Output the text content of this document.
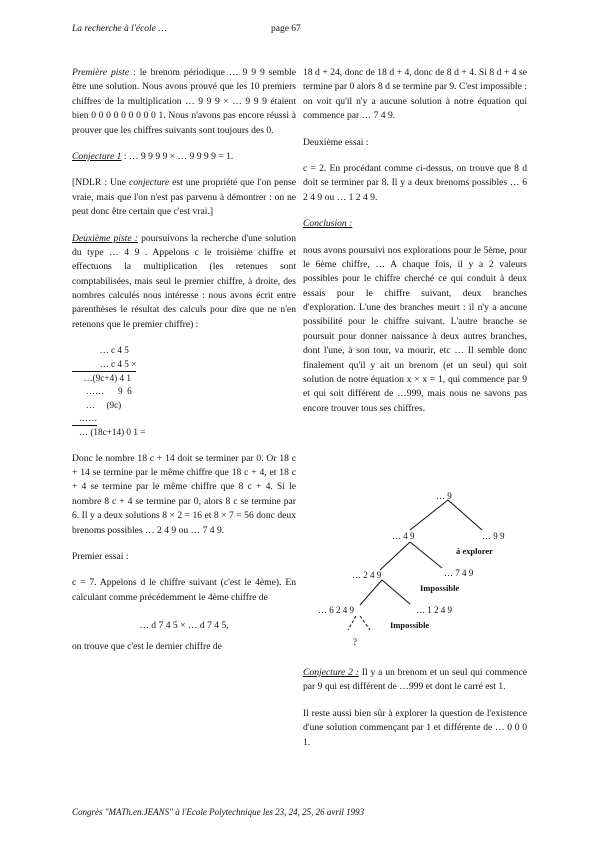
La recherche à l'école …	page 67

Première piste : le brenom périodique … 9 9 9 semble être une solution. Nous avons prouvé que les 10 premiers chiffres de la multiplication … 9 9 9 × … 9 9 9 étaient bien 0 0 0 0 0 0 0 0 0 1. Nous n'avons pas encore réussi à prouver que les chiffres suivants sont toujours des 0.

Conjecture 1 : … 9 9 9 9 × … 9 9 9 9 = 1.

[NDLR : Une conjecture est une propriété que l'on pense vraie, mais que l'on n'est pas parvenu à démontrer : on ne peut donc être certain que c'est vrai.]

Deuxième piste : poursuivons la recherche d'une solution du type … 4 9 . Appelons c le troisième chiffre et effectuons la multiplication (les retenues sont comptabilisées, mais seul le premier chiffre, à droite, des nombres calculés nous intéresse : nous avons écrit entre parenthèses le résultat des calculs pour dire que ne n'en retenons que le premier chiffre) :

… c 4 5
… c 4 5 ×
…(9c+4) 4 1
……      9  6
…     (9c)
……
… (18c+14) 0 1 =

Donc le nombre 18 c + 14 doit se terminer par 0. Or 18 c + 14 se termine par le même chiffre que 18 c + 4, et 18 c + 4 se termine par le même chiffre que 8 c + 4. Si le nombre 8 c + 4 se termine par 0, alors 8 c se termine par 6. Il y a deux solutions 8 × 2 = 16 et 8 × 7 = 56 donc deux brenoms possibles … 2 4 9 ou … 7 4 9.

Premier essai :

c = 7. Appelons d le chiffre suivant (c'est le 4ème). En calculant comme précédemment le 4ème chiffre de

… d 7 4 5 × … d 7 4 5,

on trouve que c'est le dernier chiffre de

18 d + 24, donc de 18 d + 4, donc de 8 d + 4. Si 8 d + 4 se termine par 0 alors 8 d se termine par 9. C'est impossible : on voit qu'il n'y a aucune solution à notre équation qui commence par … 7 4 9.

Deuxième essai :

c = 2. En procédant comme ci-dessus, on trouve que 8 d doit se terminer par 8. Il y a deux brenoms possibles … 6 2 4 9 ou … 1 2 4 9.

Conclusion :

nous avons poursuivi nos explorations pour le 5ème, pour le 6ème chiffre, … A chaque fois, il y a 2 valeurs possibles pour le chiffre cherché ce qui conduit à deux essais pour le chiffre suivant, deux branches d'exploration. L'une des branches meurt : il n'y a aucune possibilité pour le chiffre suivant. L'autre branche se poursuit pour donner naissance à deux autres branches, dont l'une, à son tour, va mourir, etc … Il semble donc finalement qu'il y ait un brenom (et un seul) qui soit solution de notre équation x × x = 1, qui commence par 9 et qui soit différent de …999, mais nous ne savons pas encore trouver tous ses chiffres.

… 9
… 4 9	… 9 9
à explorer
… 2 4 9	… 7 4 9
Impossible
… 6 2 4 9	… 1 2 4 9
Impossible
?

Conjecture 2 : Il y a un brenom et un seul qui commence par 9 qui est différent de …999 et dont le carré est 1.

Il reste aussi bien sûr à explorer la question de l'existence d'une solution commençant par 1 et différente de … 0 0 0 1.

Congrès "MATh.en.JEANS" à l'Ecole Polytechnique les 23, 24, 25, 26 avril 1993
